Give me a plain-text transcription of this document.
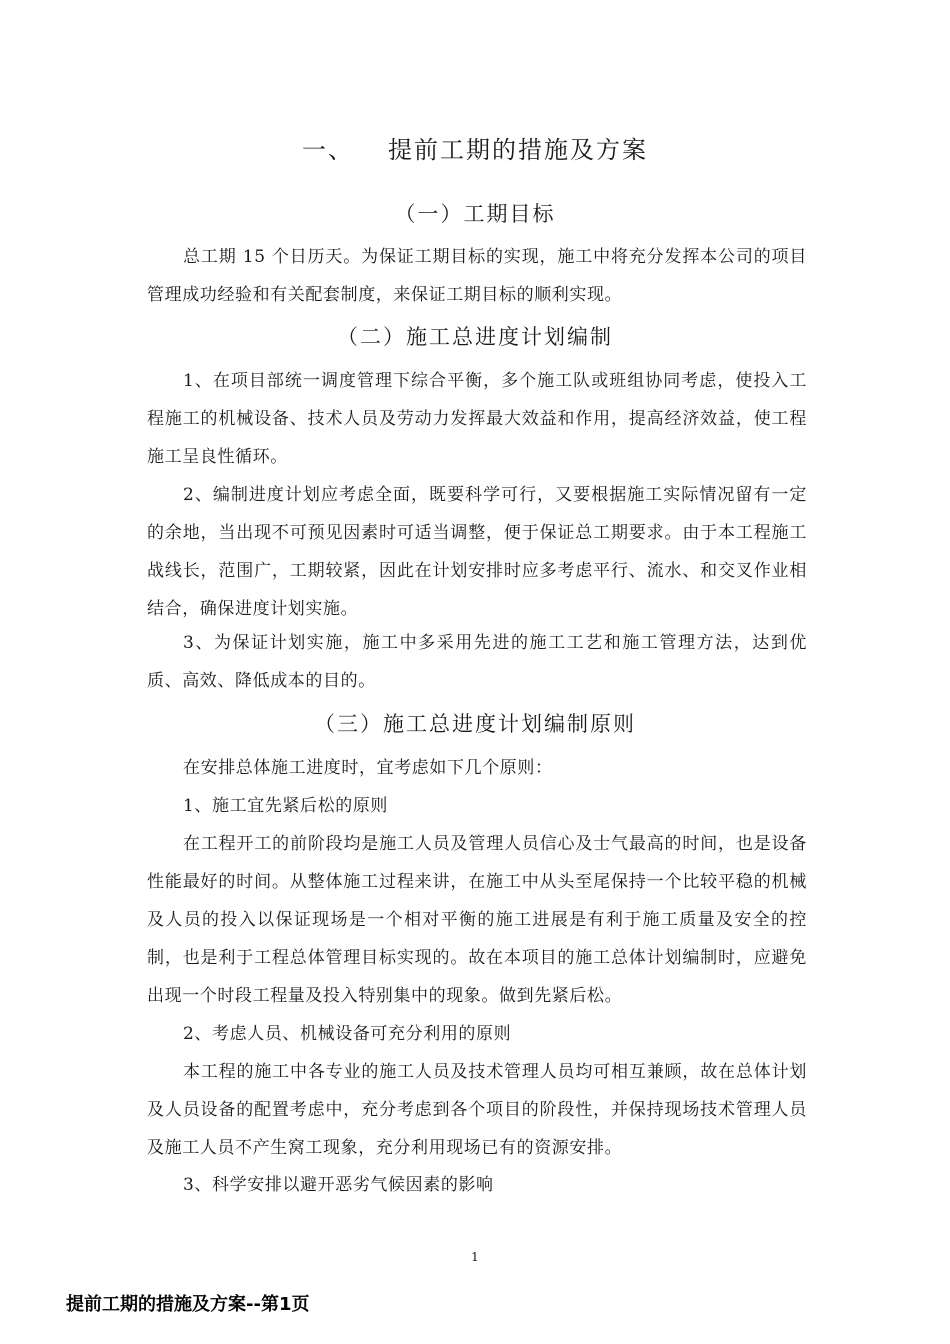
一、 提前工期的措施及方案
（一）工期目标

总工期 15 个日历天。为保证工期目标的实现，施工中将充分发挥本公司的项目管理成功经验和有关配套制度，来保证工期目标的顺利实现。

（二）施工总进度计划编制

1、在项目部统一调度管理下综合平衡，多个施工队或班组协同考虑，使投入工程施工的机械设备、技术人员及劳动力发挥最大效益和作用，提高经济效益，使工程施工呈良性循环。

2、编制进度计划应考虑全面，既要科学可行，又要根据施工实际情况留有一定的余地，当出现不可预见因素时可适当调整，便于保证总工期要求。由于本工程施工战线长，范围广，工期较紧，因此在计划安排时应多考虑平行、流水、和交叉作业相结合，确保进度计划实施。

3、为保证计划实施，施工中多采用先进的施工工艺和施工管理方法，达到优质、高效、降低成本的目的。

（三）施工总进度计划编制原则

在安排总体施工进度时，宜考虑如下几个原则：

1、施工宜先紧后松的原则

在工程开工的前阶段均是施工人员及管理人员信心及士气最高的时间，也是设备性能最好的时间。从整体施工过程来讲，在施工中从头至尾保持一个比较平稳的机械及人员的投入以保证现场是一个相对平衡的施工进展是有利于施工质量及安全的控制，也是利于工程总体管理目标实现的。故在本项目的施工总体计划编制时，应避免出现一个时段工程量及投入特别集中的现象。做到先紧后松。

2、考虑人员、机械设备可充分利用的原则

本工程的施工中各专业的施工人员及技术管理人员均可相互兼顾，故在总体计划及人员设备的配置考虑中，充分考虑到各个项目的阶段性，并保持现场技术管理人员及施工人员不产生窝工现象，充分利用现场已有的资源安排。

3、科学安排以避开恶劣气候因素的影响

1
提前工期的措施及方案--第1页
